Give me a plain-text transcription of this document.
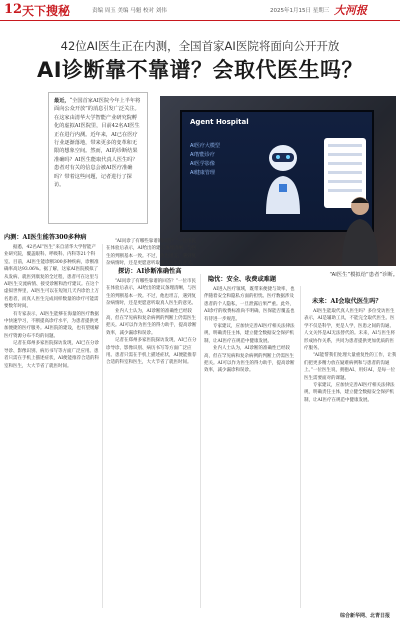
12 天下搜秘	责编 周玉 美编 马魁 校对 刘伟	2025年1月15日 星期三 大河报
42位AI医生正在内测，全国首家AI医院将面向公开开放
AI诊断靠不靠谱？会取代医生吗？
最近，“全国首家AI医院今年上半年将面向公众开放”的消息引发广泛关注。在这家由清华大学智能产业研究院孵化的虚拟AI医院里，目前42名AI医生正在进行内测。近年来，AI已在医疗行业逐渐落地，带来更多的变革和无限的想象空间。然而，AI的诊断结果准确吗？AI医生能取代真人医生吗？患者对有关的信息会被AI医疗准确吗？带着这些问题，记者进行了探访。
Agent Hospital
AI医疗大模型
AI智能诊疗
AI医学影像
AI健康管理
“AI医生”模拟给“患者”诊断。
内测：AI医生能答300多种病

据悉，42名AI“医生”来自清华大学智能产业研究院，覆盖眼科、呼吸科、内科等21个科室。目前，AI医生能诊断300多种疾病，诊断准确率高达93.06%。据了解，这家AI医院模拟了从发病、就医到康复的全过程，患者可在这里与AI医生交流病情、接受诊断和治疗建议。在这个虚拟世界里，AI医生可以在短短几天内诊治上万名患者，而真人医生完成同样数量的诊疗可能需要数年时间。

有专家表示，AI医生能够在海量的医疗数据中快速学习，不断提高诊疗水平，为患者提供更加便捷的医疗服务。AI医院的建设，也有望缓解医疗资源分布不均的问题。

记者在郑州多家医院探访发现，AI已在分诊导诊、影像识别、病历书写等方面广泛应用。患者只需在手机上描述症状，AI便能推荐合适的科室和医生，大大节省了就医时间。

“AI问诊了有哪些靠谱的回答？”一位市民在体验后表示，AI给出的建议条理清晰，与医生的判断基本一致。不过，他也坦言，遇到复杂病情时，还是更愿意听取真人医生的意见。

探访：AI诊断准确性高

“AI问诊了有哪些靠谱的回答？”一位市民在体验后表示，AI给出的建议条理清晰，与医生的判断基本一致。不过，他也坦言，遇到复杂病情时，还是更愿意听取真人医生的意见。

业内人士认为，AI诊断的准确性已经较高，但在罕见病和复杂病例的判断上仍需医生把关。AI可以作为医生的得力助手，提高诊断效率，减少漏诊和误诊。

记者在郑州多家医院探访发现，AI已在分诊导诊、影像识别、病历书写等方面广泛应用。患者只需在手机上描述症状，AI便能推荐合适的科室和医生，大大节省了就医时间。

隐忧：安全、收费或难题

AI进入医疗领域，既带来便捷与效率，也伴随着安全和隐私方面的担忧。医疗数据涉及患者的个人隐私，一旦泄露后果严重。此外，AI诊疗的收费标准尚不明确，医保能否覆盖也有待进一步规范。

专家建议，应加快完善AI医疗相关法律法规，明确责任主体，建立健全数据安全保护机制，让AI医疗在规范中健康发展。

业内人士认为，AI诊断的准确性已经较高，但在罕见病和复杂病例的判断上仍需医生把关。AI可以作为医生的得力助手，提高诊断效率，减少漏诊和误诊。

未来：AI会取代医生吗？

AI医生能取代真人医生吗？多位受访医生表示，AI是辅助工具，不能完全取代医生。医学不仅是科学，更是人学，医患之间的沟通、人文关怀是AI无法替代的。未来，AI与医生将形成协作关系，共同为患者提供更加优质的医疗服务。

“AI能帮我们处理大量重复性的工作，让我们把更多精力放在疑难病例和与患者的沟通上。”一位医生说，拥抱AI、用好AI，是每一位医生需要面对的课题。

专家建议，应加快完善AI医疗相关法律法规，明确责任主体，建立健全数据安全保护机制，让AI医疗在规范中健康发展。

综合新华网、北青日报
